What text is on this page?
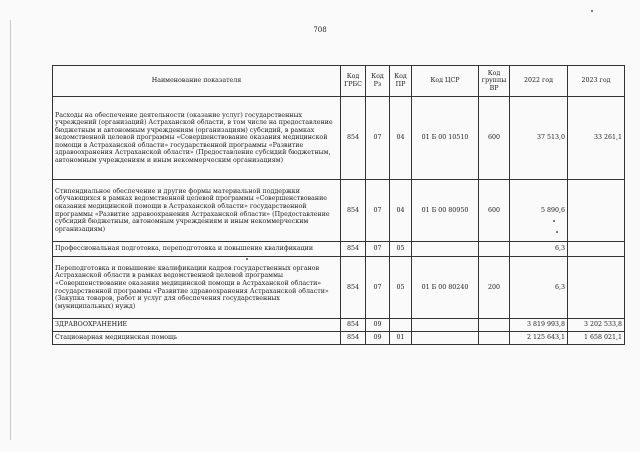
708
Наименование показателя	Код ГРБС	Код Рз	Код ПР	Код ЦСР	Код группы ВР	2022 год	2023 год
Расходы на обеспечение деятельности (оказание услуг) государственных учреждений (организаций) Астраханской области, в том числе на предоставление бюджетным и автономным учреждениям (организациям) субсидий, в рамках ведомственной целевой программы «Совершенствование оказания медицинской помощи в Астраханской области» государственной программы «Развитие здравоохранения Астраханской области» (Предоставление субсидий бюджетным, автономным учреждениям и иным некоммерческим организациям)	854	07	04	01 Б 00 10510	600	37 513,0	33 261,1
Стипендиальное обеспечение и другие формы материальной поддержки обучающихся в рамках ведомственной целевой программы «Совершенствование оказания медицинской помощи в Астраханской области» государственной программы «Развитие здравоохранения Астраханской области» (Предоставление субсидий бюджетным, автономным учреждениям и иным некоммерческим организациям)	854	07	04	01 Б 00 80950	600	5 890,6	
Профессиональная подготовка, переподготовка и повышение квалификации	854	07	05			6,3	
Переподготовка и повышение квалификации кадров государственных органов Астраханской области в рамках ведомственной целевой программы «Совершенствование оказания медицинской помощи в Астраханской области» государственной программы «Развитие здравоохранения Астраханской области» (Закупка товаров, работ и услуг для обеспечения государственных (муниципальных) нужд)	854	07	05	01 Б 00 80240	200	6,3	
ЗДРАВООХРАНЕНИЕ	854	09				3 819 993,8	3 202 533,8
Стационарная медицинская помощь	854	09	01			2 125 643,1	1 658 021,1
